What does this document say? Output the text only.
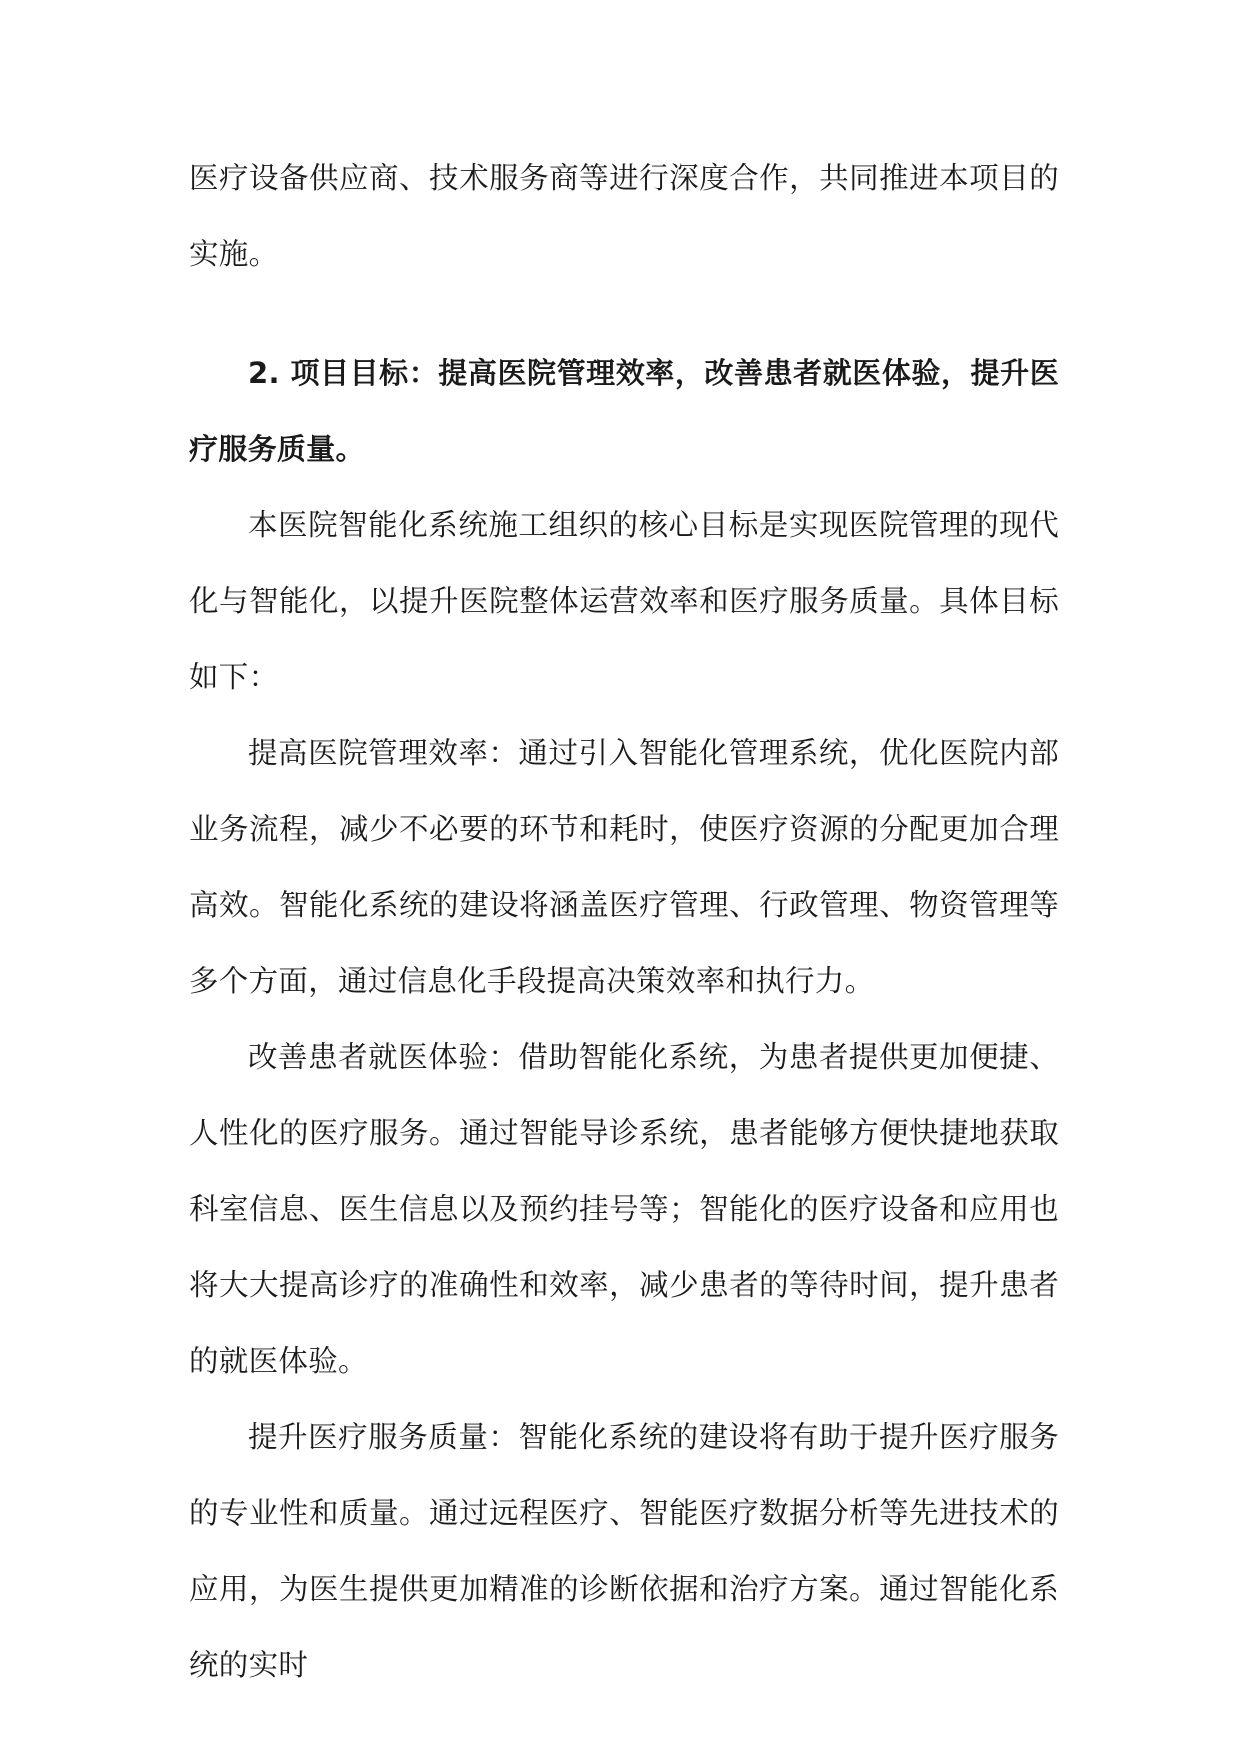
医疗设备供应商、技术服务商等进行深度合作，共同推进本项目的实施。

2. 项目目标：提高医院管理效率，改善患者就医体验，提升医疗服务质量。

本医院智能化系统施工组织的核心目标是实现医院管理的现代化与智能化，以提升医院整体运营效率和医疗服务质量。具体目标如下：

提高医院管理效率：通过引入智能化管理系统，优化医院内部业务流程，减少不必要的环节和耗时，使医疗资源的分配更加合理高效。智能化系统的建设将涵盖医疗管理、行政管理、物资管理等多个方面，通过信息化手段提高决策效率和执行力。

改善患者就医体验：借助智能化系统，为患者提供更加便捷、人性化的医疗服务。通过智能导诊系统，患者能够方便快捷地获取科室信息、医生信息以及预约挂号等；智能化的医疗设备和应用也将大大提高诊疗的准确性和效率，减少患者的等待时间，提升患者的就医体验。

提升医疗服务质量：智能化系统的建设将有助于提升医疗服务的专业性和质量。通过远程医疗、智能医疗数据分析等先进技术的应用，为医生提供更加精准的诊断依据和治疗方案。通过智能化系统的实时
